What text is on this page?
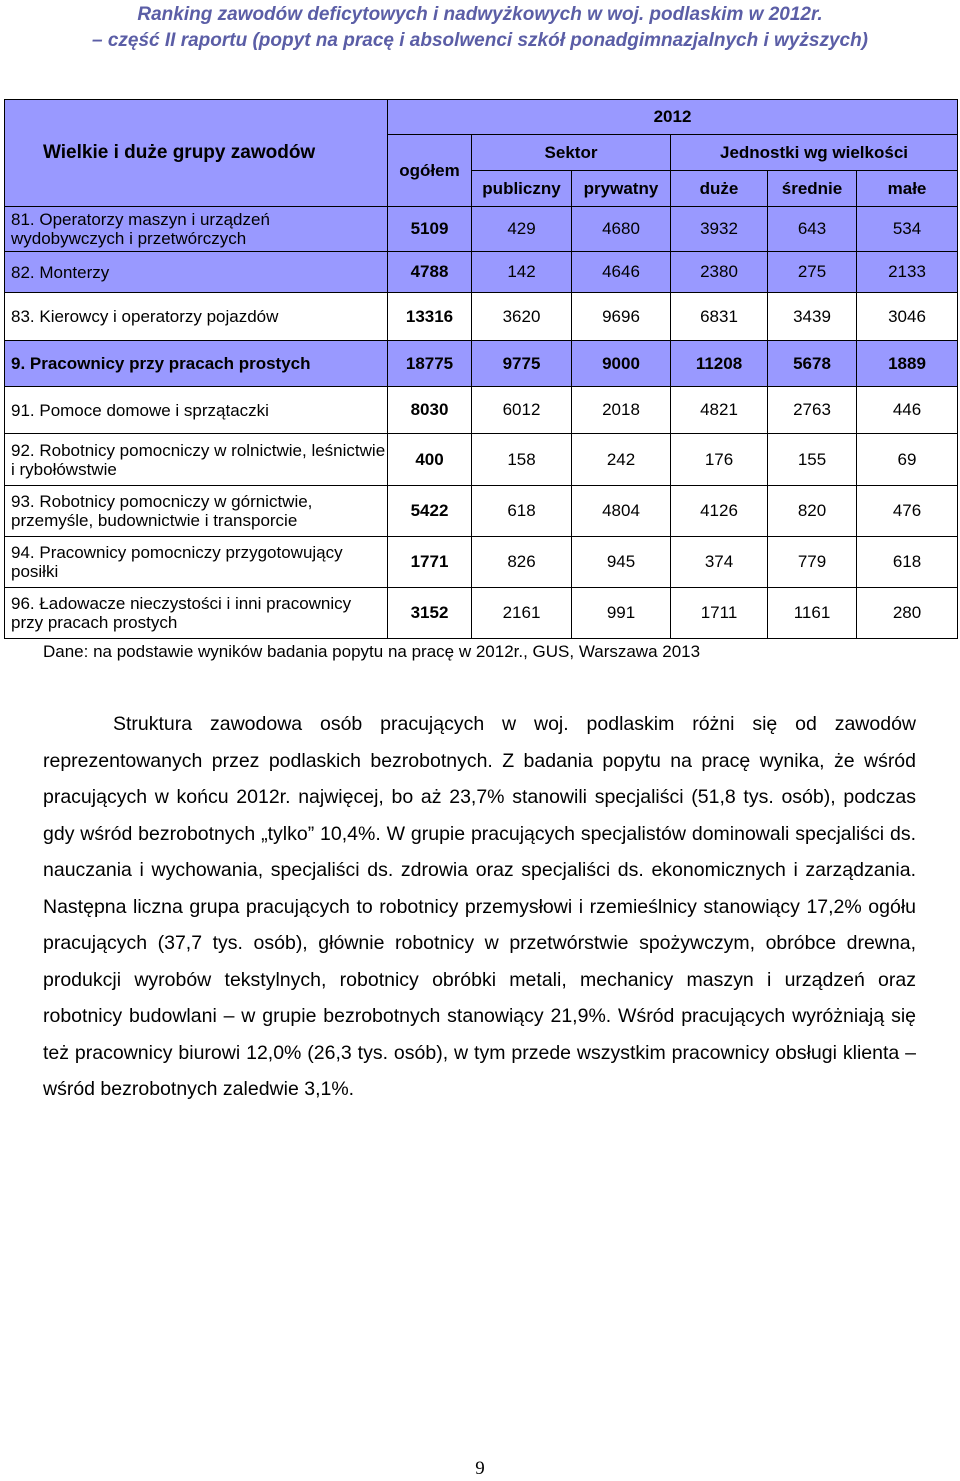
Ranking zawodów deficytowych i nadwyżkowych w woj. podlaskim w 2012r.
– część II raportu (popyt na pracę i absolwenci szkół ponadgimnazjalnych i wyższych)
Wielkie i duże grupy zawodów	2012					
	ogółem	Sektor		Jednostki wg wielkości		
		publiczny	prywatny	duże	średnie	małe
81. Operatorzy maszyn i urządzeń wydobywczych i przetwórczych	5109	429	4680	3932	643	534
82. Monterzy	4788	142	4646	2380	275	2133
83. Kierowcy i operatorzy pojazdów	13316	3620	9696	6831	3439	3046
9. Pracownicy przy pracach prostych	18775	9775	9000	11208	5678	1889
91. Pomoce domowe i sprzątaczki	8030	6012	2018	4821	2763	446
92. Robotnicy pomocniczy w rolnictwie, leśnictwie i rybołówstwie	400	158	242	176	155	69
93. Robotnicy pomocniczy w górnictwie, przemyśle, budownictwie i transporcie	5422	618	4804	4126	820	476
94. Pracownicy pomocniczy przygotowujący posiłki	1771	826	945	374	779	618
96. Ładowacze nieczystości i inni pracownicy przy pracach prostych	3152	2161	991	1711	1161	280
Dane: na podstawie wyników badania popytu na pracę w 2012r., GUS, Warszawa 2013

Struktura zawodowa osób pracujących w woj. podlaskim różni się od zawodów reprezentowanych przez podlaskich bezrobotnych. Z badania popytu na pracę wynika, że wśród pracujących w końcu 2012r. najwięcej, bo aż 23,7% stanowili specjaliści (51,8 tys. osób), podczas gdy wśród bezrobotnych „tylko” 10,4%. W grupie pracujących specjalistów dominowali specjaliści ds. nauczania i wychowania, specjaliści ds. zdrowia oraz specjaliści ds. ekonomicznych i zarządzania. Następna liczna grupa pracujących to robotnicy przemysłowi i rzemieślnicy stanowiący 17,2% ogółu pracujących (37,7 tys. osób), głównie robotnicy w przetwórstwie spożywczym, obróbce drewna, produkcji wyrobów tekstylnych, robotnicy obróbki metali, mechanicy maszyn i urządzeń oraz robotnicy budowlani – w grupie bezrobotnych stanowiący 21,9%. Wśród pracujących wyróżniają się też pracownicy biurowi 12,0% (26,3 tys. osób), w tym przede wszystkim pracownicy obsługi klienta – wśród bezrobotnych zaledwie 3,1%.

9
